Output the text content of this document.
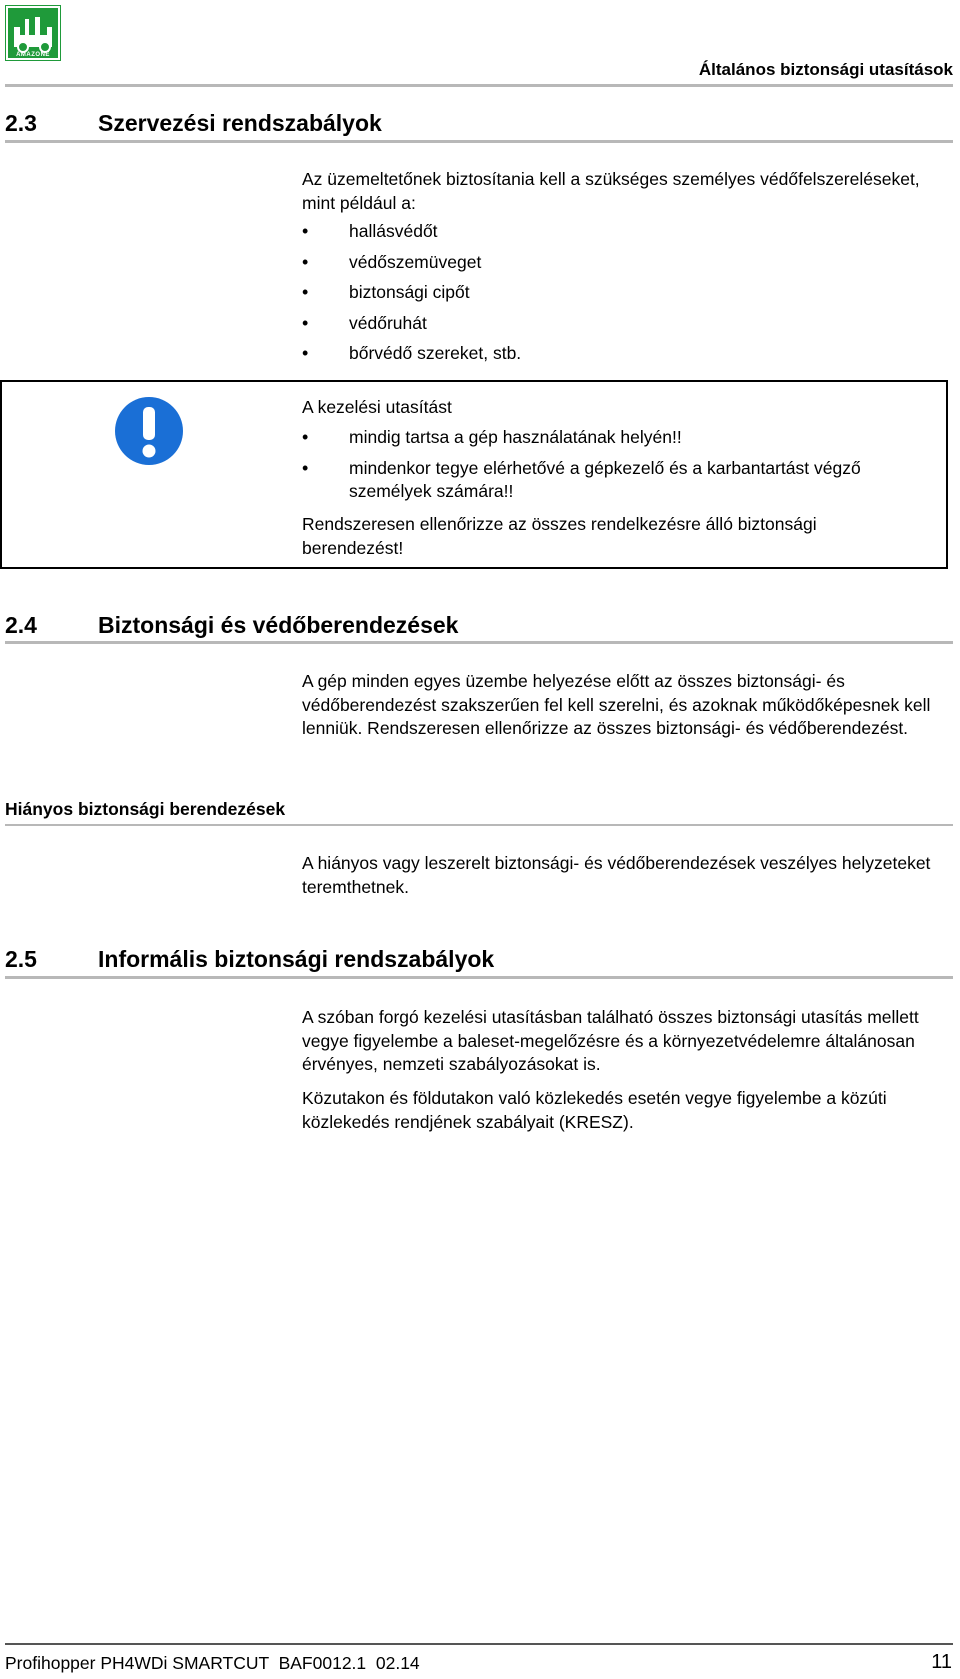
AMAZONE
Általános biztonsági utasítások
2.3	Szervezési rendszabályok
Az üzemeltetőnek biztosítania kell a szükséges személyes védőfelszereléseket, mint például a:
•	hallásvédőt
•	védőszemüveget
•	biztonsági cipőt
•	védőruhát
•	bőrvédő szereket, stb.
A kezelési utasítást
•	mindig tartsa a gép használatának helyén!!
•	mindenkor tegye elérhetővé a gépkezelő és a karbantartást végző személyek számára!!
Rendszeresen ellenőrizze az összes rendelkezésre álló biztonsági berendezést!
2.4	Biztonsági és védőberendezések
A gép minden egyes üzembe helyezése előtt az összes biztonsági- és védőberendezést szakszerűen fel kell szerelni, és azoknak működőképesnek kell lenniük. Rendszeresen ellenőrizze az összes biztonsági- és védőberendezést.
Hiányos biztonsági berendezések
A hiányos vagy leszerelt biztonsági- és védőberendezések veszélyes helyzeteket teremthetnek.
2.5	Informális biztonsági rendszabályok
A szóban forgó kezelési utasításban található összes biztonsági utasítás mellett vegye figyelembe a baleset-megelőzésre és a környezetvédelemre általánosan érvényes, nemzeti szabályozásokat is.
Közutakon és földutakon való közlekedés esetén vegye figyelembe a közúti közlekedés rendjének szabályait (KRESZ).
Profihopper PH4WDi SMARTCUT  BAF0012.1  02.14	11
